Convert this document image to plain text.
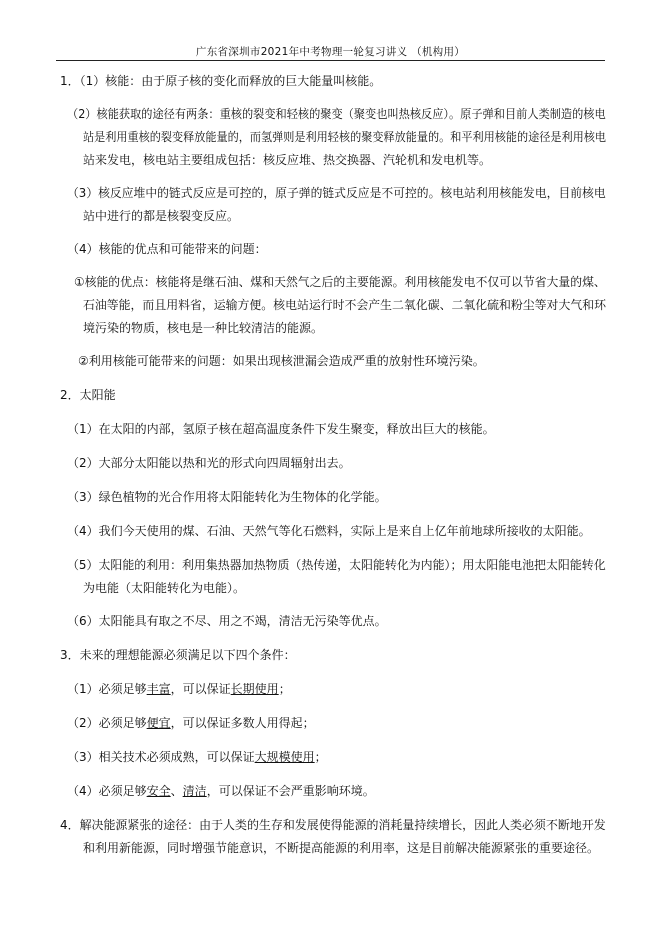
广东省深圳市2021年中考物理一轮复习讲义 （机构用）
1．（1）核能：由于原子核的变化而释放的巨大能量叫核能。
（2）核能获取的途径有两条：重核的裂变和轻核的聚变（聚变也叫热核反应）。原子弹和目前人类制造的核电
站是利用重核的裂变释放能量的，而氢弹则是利用轻核的聚变释放能量的。和平利用核能的途径是利用核电
站来发电，核电站主要组成包括：核反应堆、热交换器、汽轮机和发电机等。
（3）核反应堆中的链式反应是可控的，原子弹的链式反应是不可控的。核电站利用核能发电，目前核电
站中进行的都是核裂变反应。
（4）核能的优点和可能带来的问题：
①核能的优点：核能将是继石油、煤和天然气之后的主要能源。利用核能发电不仅可以节省大量的煤、
石油等能，而且用料省，运输方便。核电站运行时不会产生二氧化碳、二氧化硫和粉尘等对大气和环
境污染的物质，核电是一种比较清洁的能源。
②利用核能可能带来的问题：如果出现核泄漏会造成严重的放射性环境污染。
2．太阳能
（1）在太阳的内部，氢原子核在超高温度条件下发生聚变，释放出巨大的核能。
（2）大部分太阳能以热和光的形式向四周辐射出去。
（3）绿色植物的光合作用将太阳能转化为生物体的化学能。
（4）我们今天使用的煤、石油、天然气等化石燃料，实际上是来自上亿年前地球所接收的太阳能。
（5）太阳能的利用：利用集热器加热物质（热传递，太阳能转化为内能）；用太阳能电池把太阳能转化
为电能（太阳能转化为电能）。
（6）太阳能具有取之不尽、用之不竭，清洁无污染等优点。
3．未来的理想能源必须满足以下四个条件：
（1）必须足够丰富，可以保证长期使用；
（2）必须足够便宜，可以保证多数人用得起；
（3）相关技术必须成熟，可以保证大规模使用；
（4）必须足够安全、清洁，可以保证不会严重影响环境。
4．解决能源紧张的途径：由于人类的生存和发展使得能源的消耗量持续增长，因此人类必须不断地开发
和利用新能源，同时增强节能意识，不断提高能源的利用率，这是目前解决能源紧张的重要途径。
